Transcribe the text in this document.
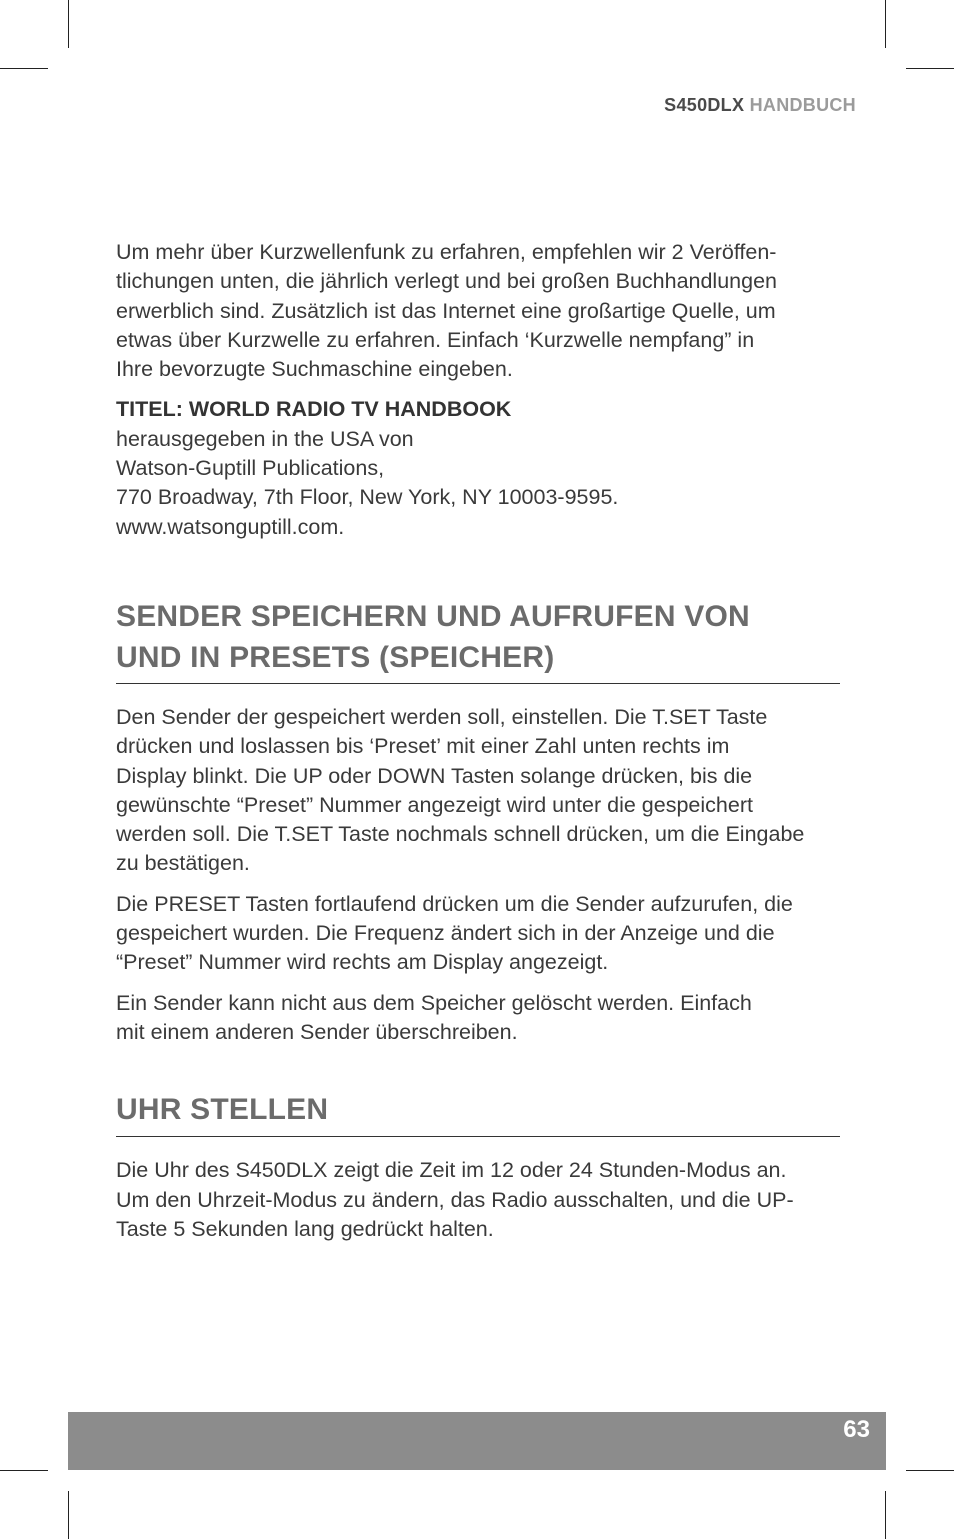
S450DLX HANDBUCH

Um mehr über Kurzwellenfunk zu erfahren, empfehlen wir 2 Veröffen-
tlichungen unten, die jährlich verlegt und bei großen Buchhandlungen
erwerblich sind. Zusätzlich ist das Internet eine großartige Quelle, um
etwas über Kurzwelle zu erfahren. Einfach ‘Kurzwelle nempfang” in
Ihre bevorzugte Suchmaschine eingeben.

TITEL: WORLD RADIO TV HANDBOOK
herausgegeben in the USA von
Watson-Guptill Publications,
770 Broadway, 7th Floor, New York, NY 10003-9595.
www.watsonguptill.com.
SENDER SPEICHERN UND AUFRUFEN VON
UND IN PRESETS (SPEICHER)

Den Sender der gespeichert werden soll, einstellen. Die T.SET Taste
drücken und loslassen bis ‘Preset’ mit einer Zahl unten rechts im
Display blinkt. Die UP oder DOWN Tasten solange drücken, bis die
gewünschte “Preset” Nummer angezeigt wird unter die gespeichert
werden soll. Die T.SET Taste nochmals schnell drücken, um die Eingabe
zu bestätigen.

Die PRESET Tasten fortlaufend drücken um die Sender aufzurufen, die
gespeichert wurden. Die Frequenz ändert sich in der Anzeige und die
“Preset” Nummer wird rechts am Display angezeigt.

Ein Sender kann nicht aus dem Speicher gelöscht werden. Einfach
mit einem anderen Sender überschreiben.

UHR STELLEN

Die Uhr des S450DLX zeigt die Zeit im 12 oder 24 Stunden-Modus an.
Um den Uhrzeit-Modus zu ändern, das Radio ausschalten, und die UP-
Taste 5 Sekunden lang gedrückt halten.

63
